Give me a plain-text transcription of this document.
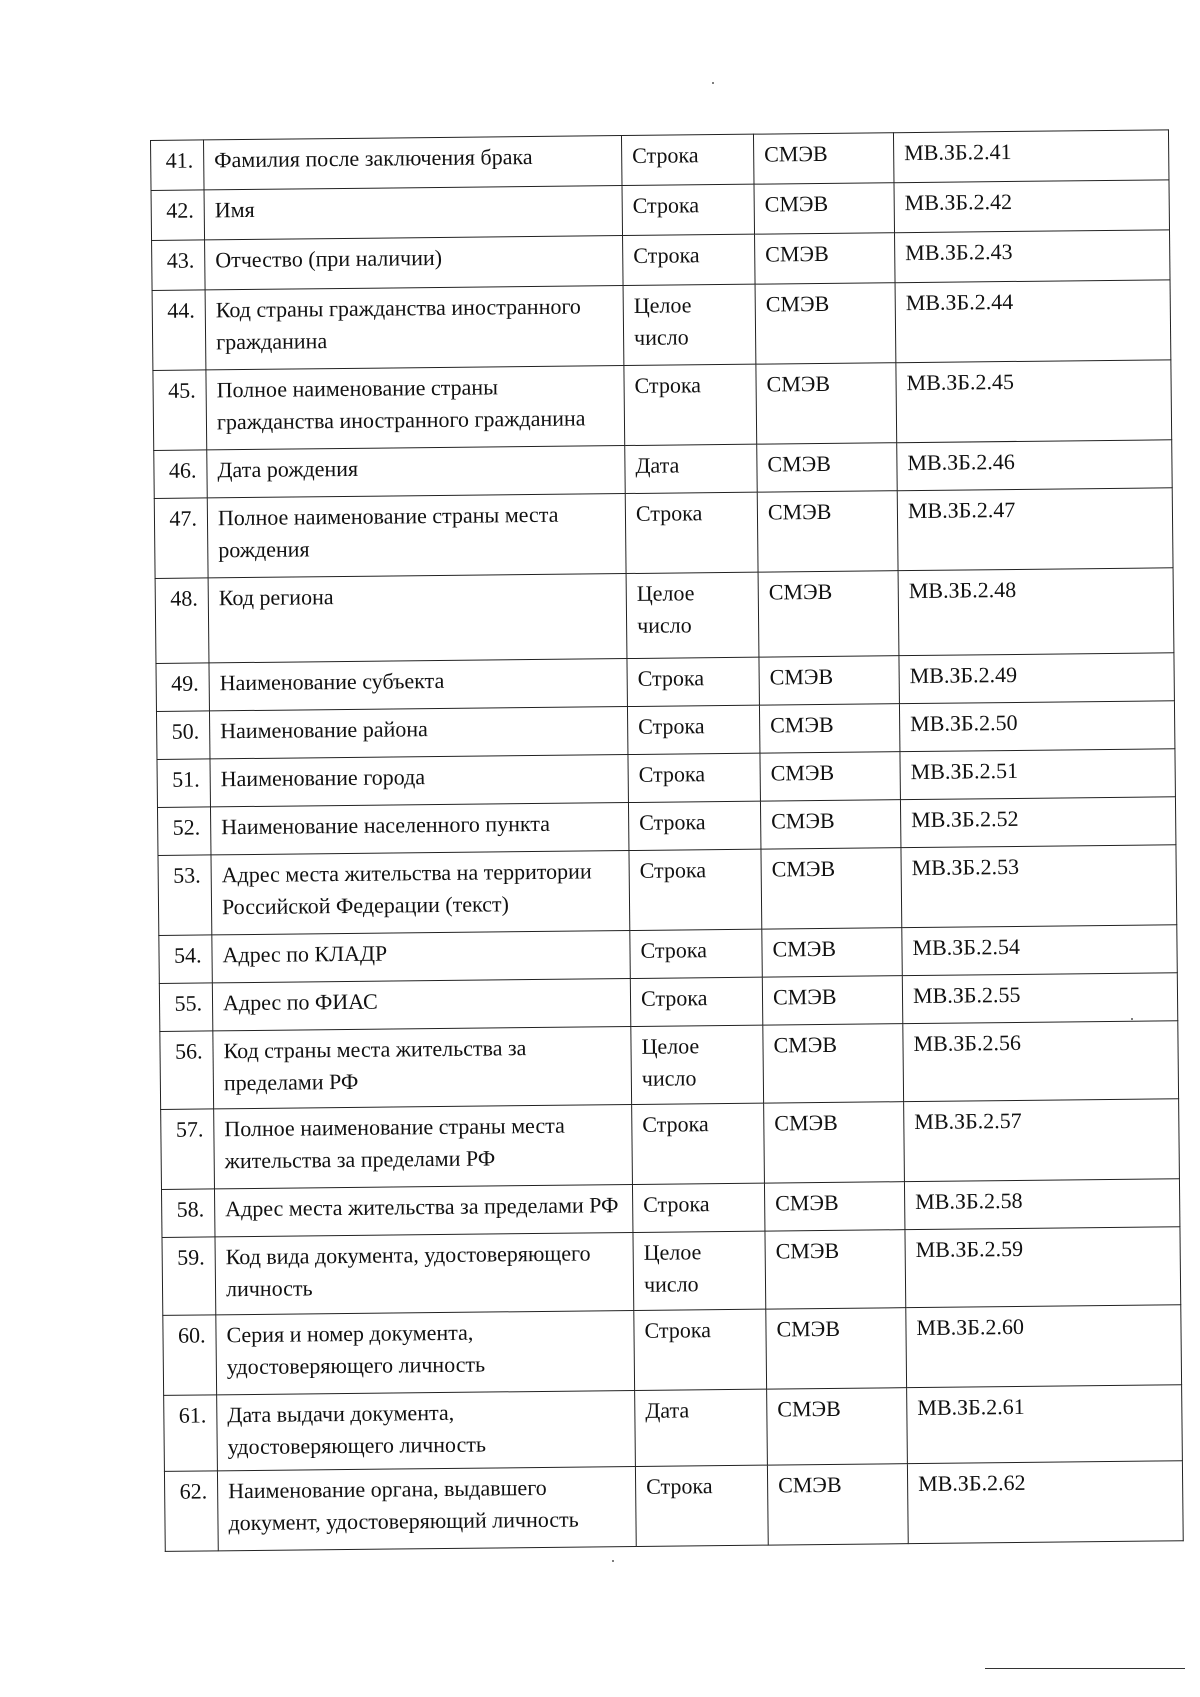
41.	Фамилия после заключения брака	Строка	СМЭВ	МВ.ЗБ.2.41
42.	Имя	Строка	СМЭВ	МВ.ЗБ.2.42
43.	Отчество (при наличии)	Строка	СМЭВ	МВ.ЗБ.2.43
44.	Код страны гражданства иностранного гражданина	Целое число	СМЭВ	МВ.ЗБ.2.44
45.	Полное наименование страны гражданства иностранного гражданина	Строка	СМЭВ	МВ.ЗБ.2.45
46.	Дата рождения	Дата	СМЭВ	МВ.ЗБ.2.46
47.	Полное наименование страны места рождения	Строка	СМЭВ	МВ.ЗБ.2.47
48.	Код региона	Целое число	СМЭВ	МВ.ЗБ.2.48
49.	Наименование субъекта	Строка	СМЭВ	МВ.ЗБ.2.49
50.	Наименование района	Строка	СМЭВ	МВ.ЗБ.2.50
51.	Наименование города	Строка	СМЭВ	МВ.ЗБ.2.51
52.	Наименование населенного пункта	Строка	СМЭВ	МВ.ЗБ.2.52
53.	Адрес места жительства на территории Российской Федерации (текст)	Строка	СМЭВ	МВ.ЗБ.2.53
54.	Адрес по КЛАДР	Строка	СМЭВ	МВ.ЗБ.2.54
55.	Адрес по ФИАС	Строка	СМЭВ	МВ.ЗБ.2.55
56.	Код страны места жительства за пределами РФ	Целое число	СМЭВ	МВ.ЗБ.2.56
57.	Полное наименование страны места жительства за пределами РФ	Строка	СМЭВ	МВ.ЗБ.2.57
58.	Адрес места жительства за пределами РФ	Строка	СМЭВ	МВ.ЗБ.2.58
59.	Код вида документа, удостоверяющего личность	Целое число	СМЭВ	МВ.ЗБ.2.59
60.	Серия и номер документа, удостоверяющего личность	Строка	СМЭВ	МВ.ЗБ.2.60
61.	Дата выдачи документа, удостоверяющего личность	Дата	СМЭВ	МВ.ЗБ.2.61
62.	Наименование органа, выдавшего документ, удостоверяющий личность	Строка	СМЭВ	МВ.ЗБ.2.62
